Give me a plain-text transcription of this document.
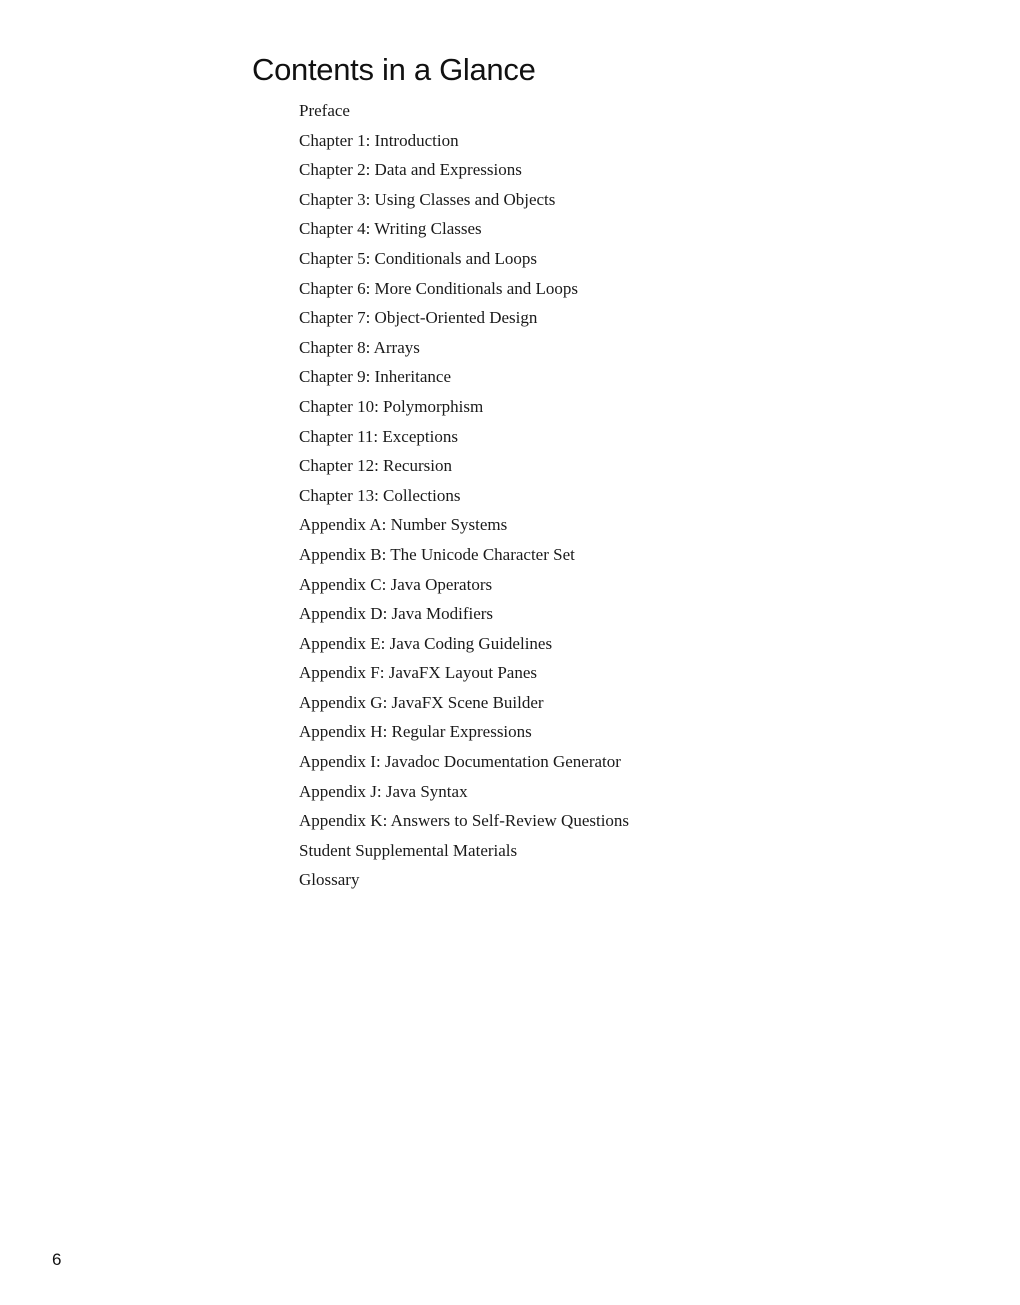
Contents in a Glance
Preface
Chapter 1: Introduction
Chapter 2: Data and Expressions
Chapter 3: Using Classes and Objects
Chapter 4: Writing Classes
Chapter 5: Conditionals and Loops
Chapter 6: More Conditionals and Loops
Chapter 7: Object-Oriented Design
Chapter 8: Arrays
Chapter 9: Inheritance
Chapter 10: Polymorphism
Chapter 11: Exceptions
Chapter 12: Recursion
Chapter 13: Collections
Appendix A: Number Systems
Appendix B: The Unicode Character Set
Appendix C: Java Operators
Appendix D: Java Modifiers
Appendix E: Java Coding Guidelines
Appendix F: JavaFX Layout Panes
Appendix G: JavaFX Scene Builder
Appendix H: Regular Expressions
Appendix I: Javadoc Documentation Generator
Appendix J: Java Syntax
Appendix K: Answers to Self-Review Questions
Student Supplemental Materials
Glossary
6
